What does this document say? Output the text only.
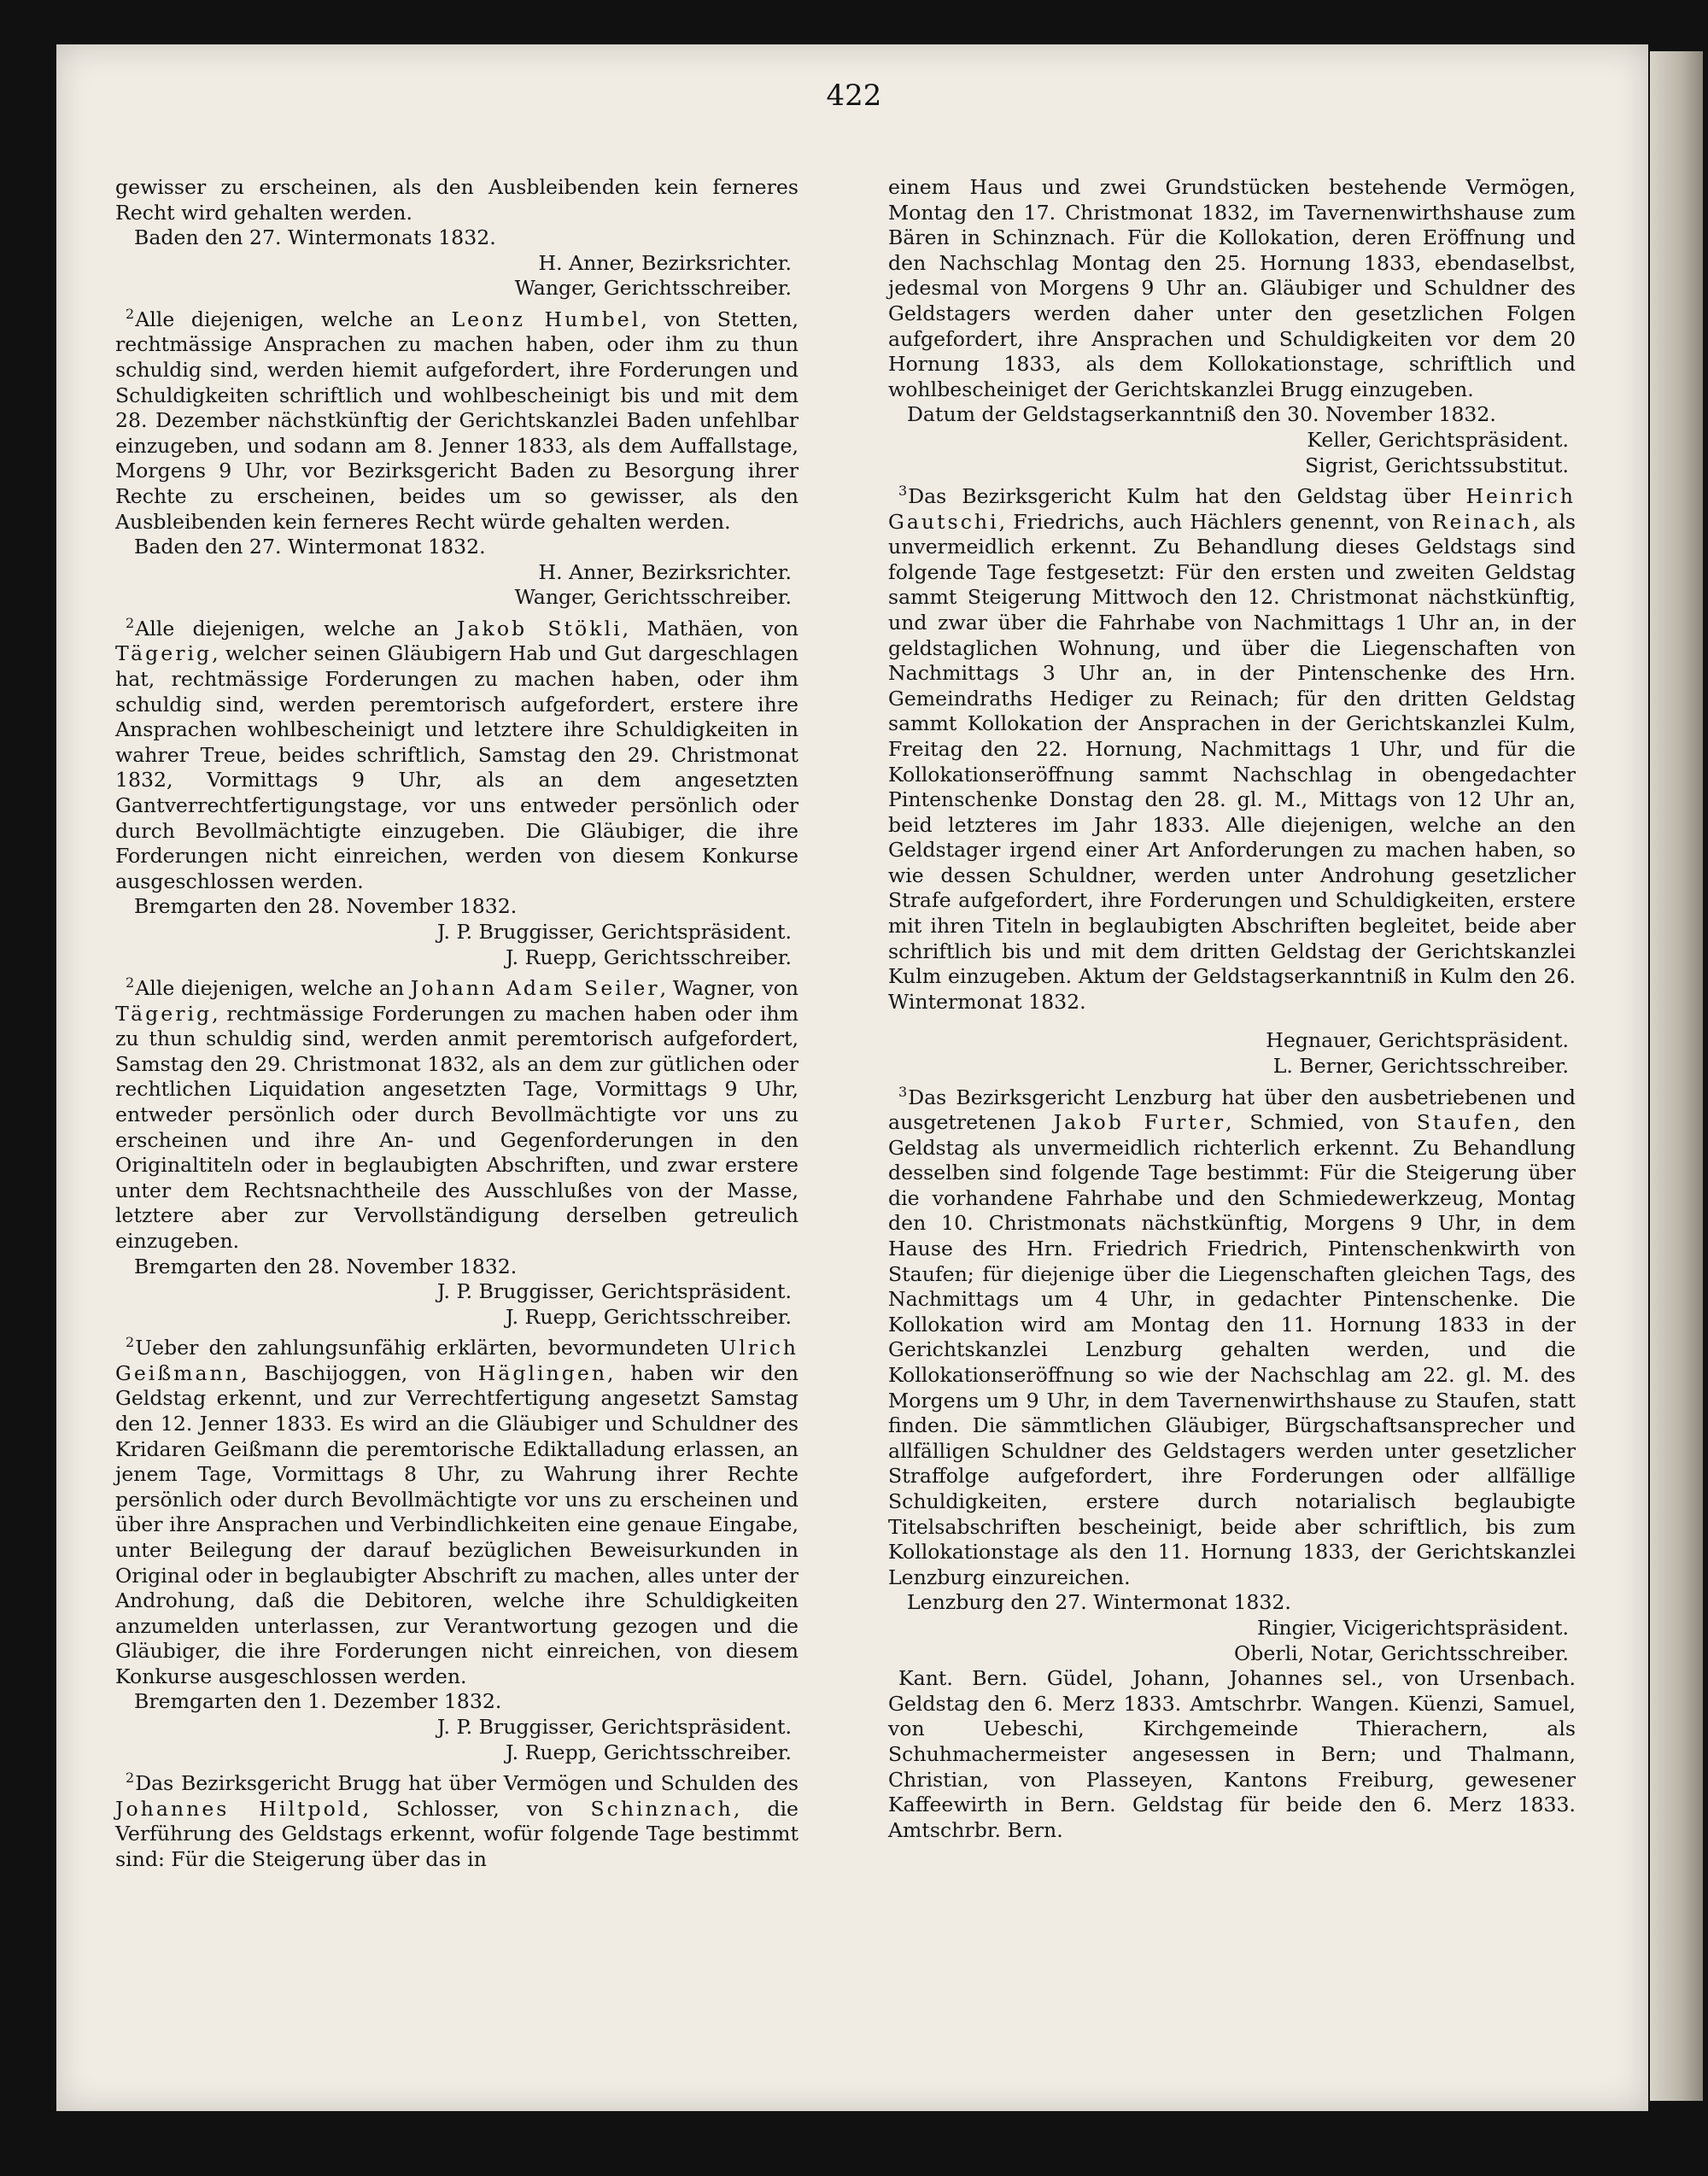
422

gewisser zu erscheinen, als den Ausbleibenden kein ferneres Recht wird gehalten werden.

Baden den 27. Wintermonats 1832.

H. Anner, Bezirksrichter.

Wanger, Gerichtsschreiber.

$^2$Alle diejenigen, welche an Leonz Humbel, von Stetten, rechtmässige Ansprachen zu machen haben, oder ihm zu thun schuldig sind, werden hiemit aufgefordert, ihre Forderungen und Schuldigkeiten schriftlich und wohlbescheinigt bis und mit dem 28. Dezember nächstkünftig der Gerichtskanzlei Baden unfehlbar einzugeben, und sodann am 8. Jenner 1833, als dem Auffallstage, Morgens 9 Uhr, vor Bezirksgericht Baden zu Besorgung ihrer Rechte zu erscheinen, beides um so gewisser, als den Ausbleibenden kein ferneres Recht würde gehalten werden.

Baden den 27. Wintermonat 1832.

H. Anner, Bezirksrichter.

Wanger, Gerichtsschreiber.

$^2$Alle diejenigen, welche an Jakob Stökli, Mathäen, von Tägerig, welcher seinen Gläubigern Hab und Gut dargeschlagen hat, rechtmässige Forderungen zu machen haben, oder ihm schuldig sind, werden peremtorisch aufgefordert, erstere ihre Ansprachen wohlbescheinigt und letztere ihre Schuldigkeiten in wahrer Treue, beides schriftlich, Samstag den 29. Christmonat 1832, Vormittags 9 Uhr, als an dem angesetzten Gantverrechtfertigungstage, vor uns entweder persönlich oder durch Bevollmächtigte einzugeben. Die Gläubiger, die ihre Forderungen nicht einreichen, werden von diesem Konkurse ausgeschlossen werden.

Bremgarten den 28. November 1832.

J. P. Bruggisser, Gerichtspräsident.

J. Ruepp, Gerichtsschreiber.

$^2$Alle diejenigen, welche an Johann Adam Seiler, Wagner, von Tägerig, rechtmässige Forderungen zu machen haben oder ihm zu thun schuldig sind, werden anmit peremtorisch aufgefordert, Samstag den 29. Christmonat 1832, als an dem zur gütlichen oder rechtlichen Liquidation angesetzten Tage, Vormittags 9 Uhr, entweder persönlich oder durch Bevollmächtigte vor uns zu erscheinen und ihre An- und Gegenforderungen in den Originaltiteln oder in beglaubigten Abschriften, und zwar erstere unter dem Rechtsnachtheile des Ausschlußes von der Masse, letztere aber zur Vervollständigung derselben getreulich einzugeben.

Bremgarten den 28. November 1832.

J. P. Bruggisser, Gerichtspräsident.

J. Ruepp, Gerichtsschreiber.

$^2$Ueber den zahlungsunfähig erklärten, bevormundeten Ulrich Geißmann, Baschijoggen, von Häglingen, haben wir den Geldstag erkennt, und zur Verrechtfertigung angesetzt Samstag den 12. Jenner 1833. Es wird an die Gläubiger und Schuldner des Kridaren Geißmann die peremtorische Ediktalladung erlassen, an jenem Tage, Vormittags 8 Uhr, zu Wahrung ihrer Rechte persönlich oder durch Bevollmächtigte vor uns zu erscheinen und über ihre Ansprachen und Verbindlichkeiten eine genaue Eingabe, unter Beilegung der darauf bezüglichen Beweisurkunden in Original oder in beglaubigter Abschrift zu machen, alles unter der Androhung, daß die Debitoren, welche ihre Schuldigkeiten anzumelden unterlassen, zur Verantwortung gezogen und die Gläubiger, die ihre Forderungen nicht einreichen, von diesem Konkurse ausgeschlossen werden.

Bremgarten den 1. Dezember 1832.

J. P. Bruggisser, Gerichtspräsident.

J. Ruepp, Gerichtsschreiber.

$^2$Das Bezirksgericht Brugg hat über Vermögen und Schulden des Johannes Hiltpold, Schlosser, von Schinznach, die Verführung des Geldstags erkennt, wofür folgende Tage bestimmt sind: Für die Steigerung über das in

einem Haus und zwei Grundstücken bestehende Vermögen, Montag den 17. Christmonat 1832, im Tavernenwirthshause zum Bären in Schinznach. Für die Kollokation, deren Eröffnung und den Nachschlag Montag den 25. Hornung 1833, ebendaselbst, jedesmal von Morgens 9 Uhr an. Gläubiger und Schuldner des Geldstagers werden daher unter den gesetzlichen Folgen aufgefordert, ihre Ansprachen und Schuldigkeiten vor dem 20 Hornung 1833, als dem Kollokationstage, schriftlich und wohlbescheiniget der Gerichtskanzlei Brugg einzugeben.

Datum der Geldstagserkanntniß den 30. November 1832.

Keller, Gerichtspräsident.

Sigrist, Gerichtssubstitut.

$^3$Das Bezirksgericht Kulm hat den Geldstag über Heinrich Gautschi, Friedrichs, auch Hächlers genennt, von Reinach, als unvermeidlich erkennt. Zu Behandlung dieses Geldstags sind folgende Tage festgesetzt: Für den ersten und zweiten Geldstag sammt Steigerung Mittwoch den 12. Christmonat nächstkünftig, und zwar über die Fahrhabe von Nachmittags 1 Uhr an, in der geldstaglichen Wohnung, und über die Liegenschaften von Nachmittags 3 Uhr an, in der Pintenschenke des Hrn. Gemeindraths Hediger zu Reinach; für den dritten Geldstag sammt Kollokation der Ansprachen in der Gerichtskanzlei Kulm, Freitag den 22. Hornung, Nachmittags 1 Uhr, und für die Kollokationseröffnung sammt Nachschlag in obengedachter Pintenschenke Donstag den 28. gl. M., Mittags von 12 Uhr an, beid letzteres im Jahr 1833. Alle diejenigen, welche an den Geldstager irgend einer Art Anforderungen zu machen haben, so wie dessen Schuldner, werden unter Androhung gesetzlicher Strafe aufgefordert, ihre Forderungen und Schuldigkeiten, erstere mit ihren Titeln in beglaubigten Abschriften begleitet, beide aber schriftlich bis und mit dem dritten Geldstag der Gerichtskanzlei Kulm einzugeben. Aktum der Geldstagserkanntniß in Kulm den 26. Wintermonat 1832.

Hegnauer, Gerichtspräsident.

L. Berner, Gerichtsschreiber.

$^3$Das Bezirksgericht Lenzburg hat über den ausbetriebenen und ausgetretenen Jakob Furter, Schmied, von Staufen, den Geldstag als unvermeidlich richterlich erkennt. Zu Behandlung desselben sind folgende Tage bestimmt: Für die Steigerung über die vorhandene Fahrhabe und den Schmiedewerkzeug, Montag den 10. Christmonats nächstkünftig, Morgens 9 Uhr, in dem Hause des Hrn. Friedrich Friedrich, Pintenschenkwirth von Staufen; für diejenige über die Liegenschaften gleichen Tags, des Nachmittags um 4 Uhr, in gedachter Pintenschenke. Die Kollokation wird am Montag den 11. Hornung 1833 in der Gerichtskanzlei Lenzburg gehalten werden, und die Kollokationseröffnung so wie der Nachschlag am 22. gl. M. des Morgens um 9 Uhr, in dem Tavernenwirthshause zu Staufen, statt finden. Die sämmtlichen Gläubiger, Bürgschaftsansprecher und allfälligen Schuldner des Geldstagers werden unter gesetzlicher Straffolge aufgefordert, ihre Forderungen oder allfällige Schuldigkeiten, erstere durch notarialisch beglaubigte Titelsabschriften bescheinigt, beide aber schriftlich, bis zum Kollokationstage als den 11. Hornung 1833, der Gerichtskanzlei Lenzburg einzureichen.

Lenzburg den 27. Wintermonat 1832.

Ringier, Vicigerichtspräsident.

Oberli, Notar, Gerichtsschreiber.

Kant. Bern. Güdel, Johann, Johannes sel., von Ursenbach. Geldstag den 6. Merz 1833. Amtschrbr. Wangen. Küenzi, Samuel, von Uebeschi, Kirchgemeinde Thierachern, als Schuhmachermeister angesessen in Bern; und Thalmann, Christian, von Plasseyen, Kantons Freiburg, gewesener Kaffeewirth in Bern. Geldstag für beide den 6. Merz 1833. Amtschrbr. Bern.
